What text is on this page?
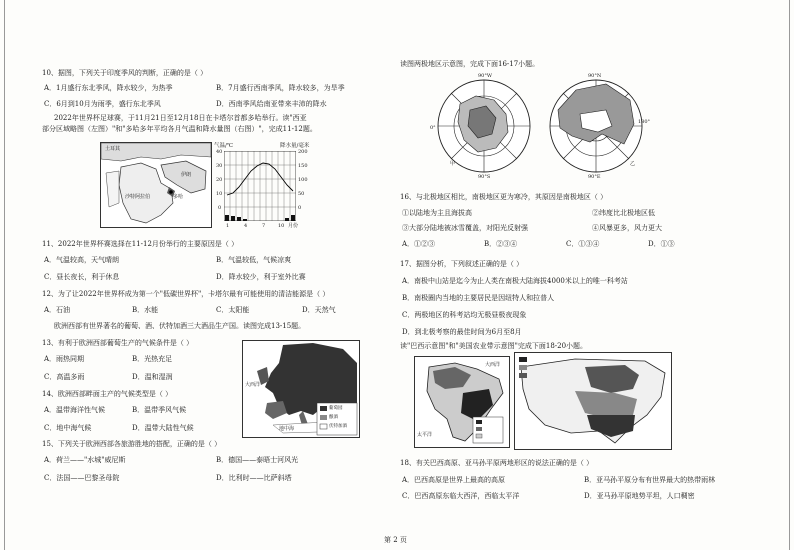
10、据图，下列关于印度季风的判断，正确的是（ ）
A．1月盛行东北季风，降水较少，为热季	B．7月盛行西南季风，降水较多，为旱季
C．6月到10月为雨季，盛行东北季风	D．西南季风给南亚带来丰沛的降水
2022年世界杯足球赛，于11月21日至12月18日在卡塔尔首都多哈举行。读"西亚
部分区域略图（左图）"和"多哈多年平均各月气温和降水量图（右图）"，完成11-12题。
土耳其
伊朗
多哈
沙特阿拉伯
气温/℃	降水量/毫米
40
30
20
10
0
200
150
100
50
0
1	4	7	10 月份
11、2022年世界杯赛选择在11-12月份举行的主要原因是（ ）
A．气温较高，天气晴朗	B．气温较低，气候凉爽
C．昼长夜长，利于休息	D．降水较少，利于室外比赛
12、为了让2022年世界杯成为第一个"低碳世界杯"，卡塔尔最有可能使用的清洁能源是（ ）
A．石油	B．水能	C．太阳能	D．天然气
欧洲西部有世界著名的葡萄、酒、伏特加酒三大酒品生产国。读图完成13-15题。
13、有利于欧洲西部葡萄生产的气候条件是（ ）
A．雨热同期	B．光热充足
C．高温多雨	D．温和湿润
大西洋
地中海
葡萄园
酿酒
伏特加酒
14、欧洲西部畔面主产的气候类型是（ ）
A．温带海洋性气候	B．温带季风气候
C．地中海气候	D．温带大陆性气候
15、下列关于欧洲西部各旅游胜地的搭配，正确的是（ ）
A．荷兰——"水城"威尼斯	B．德国——泰晤士河风光
C．法国——巴黎圣母院	D．比利时——比萨斜塔
读图两极地区示意图，完成下面16-17小题。
90°W	90°N
0°
180°
90°S	90°E
甲	乙
16、与北极地区相比，南极地区更为寒冷，其原因是南极地区（ ）
①以陆地为主且海拔高	②纬度比北极地区低
③大部分陆地被冰雪覆盖，对阳光反射强	④风暴更多，风力更大
A．①②③	B．②③④	C．①③④	D．①③
17、据图分析，下列叙述正确的是（ ）
A．南极中山站是迄今为止人类在南极大陆海拔4000米以上的唯一科考站
B．南极圈内当地的主要居民是因纽特人和拉普人
C．两极地区的科考站均无极昼极夜现象
D．到北极考察的最佳时间为6月至8月
读"巴西示意图"和"美国农业带示意图"完成下面18-20小题。
大西洋
太平洋
18、有关巴西高原、亚马孙平原两地形区的说法正确的是（ ）
A．巴西高原是世界上最高的高原	B．亚马孙平原分布有世界最大的热带雨林
C．巴西高原东临大西洋，西临太平洋	D．亚马孙平原地势平坦，人口稠密
第 2 页
